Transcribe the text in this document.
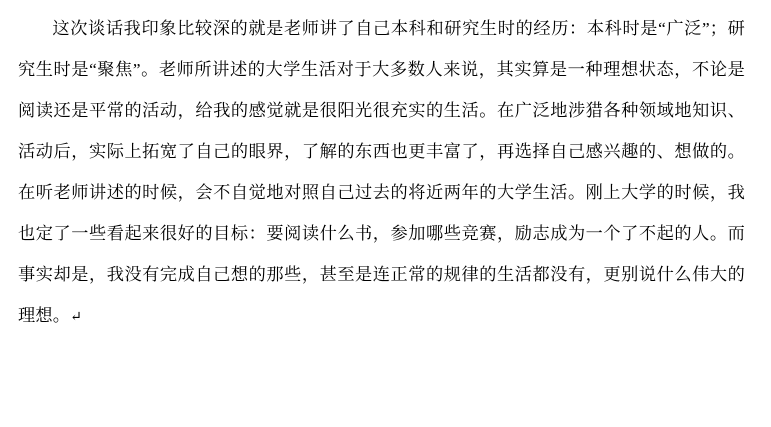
这次谈话我印象比较深的就是老师讲了自己本科和研究生时的经历：本科时是“广泛”；研究生时是“聚焦”。老师所讲述的大学生活对于大多数人来说，其实算是一种理想状态，不论是阅读还是平常的活动，给我的感觉就是很阳光很充实的生活。在广泛地涉猎各种领域地知识、活动后，实际上拓宽了自己的眼界，了解的东西也更丰富了，再选择自己感兴趣的、想做的。在听老师讲述的时候，会不自觉地对照自己过去的将近两年的大学生活。刚上大学的时候，我也定了一些看起来很好的目标：要阅读什么书，参加哪些竞赛，励志成为一个了不起的人。而事实却是，我没有完成自己想的那些，甚至是连正常的规律的生活都没有，更别说什么伟大的理想。↵
